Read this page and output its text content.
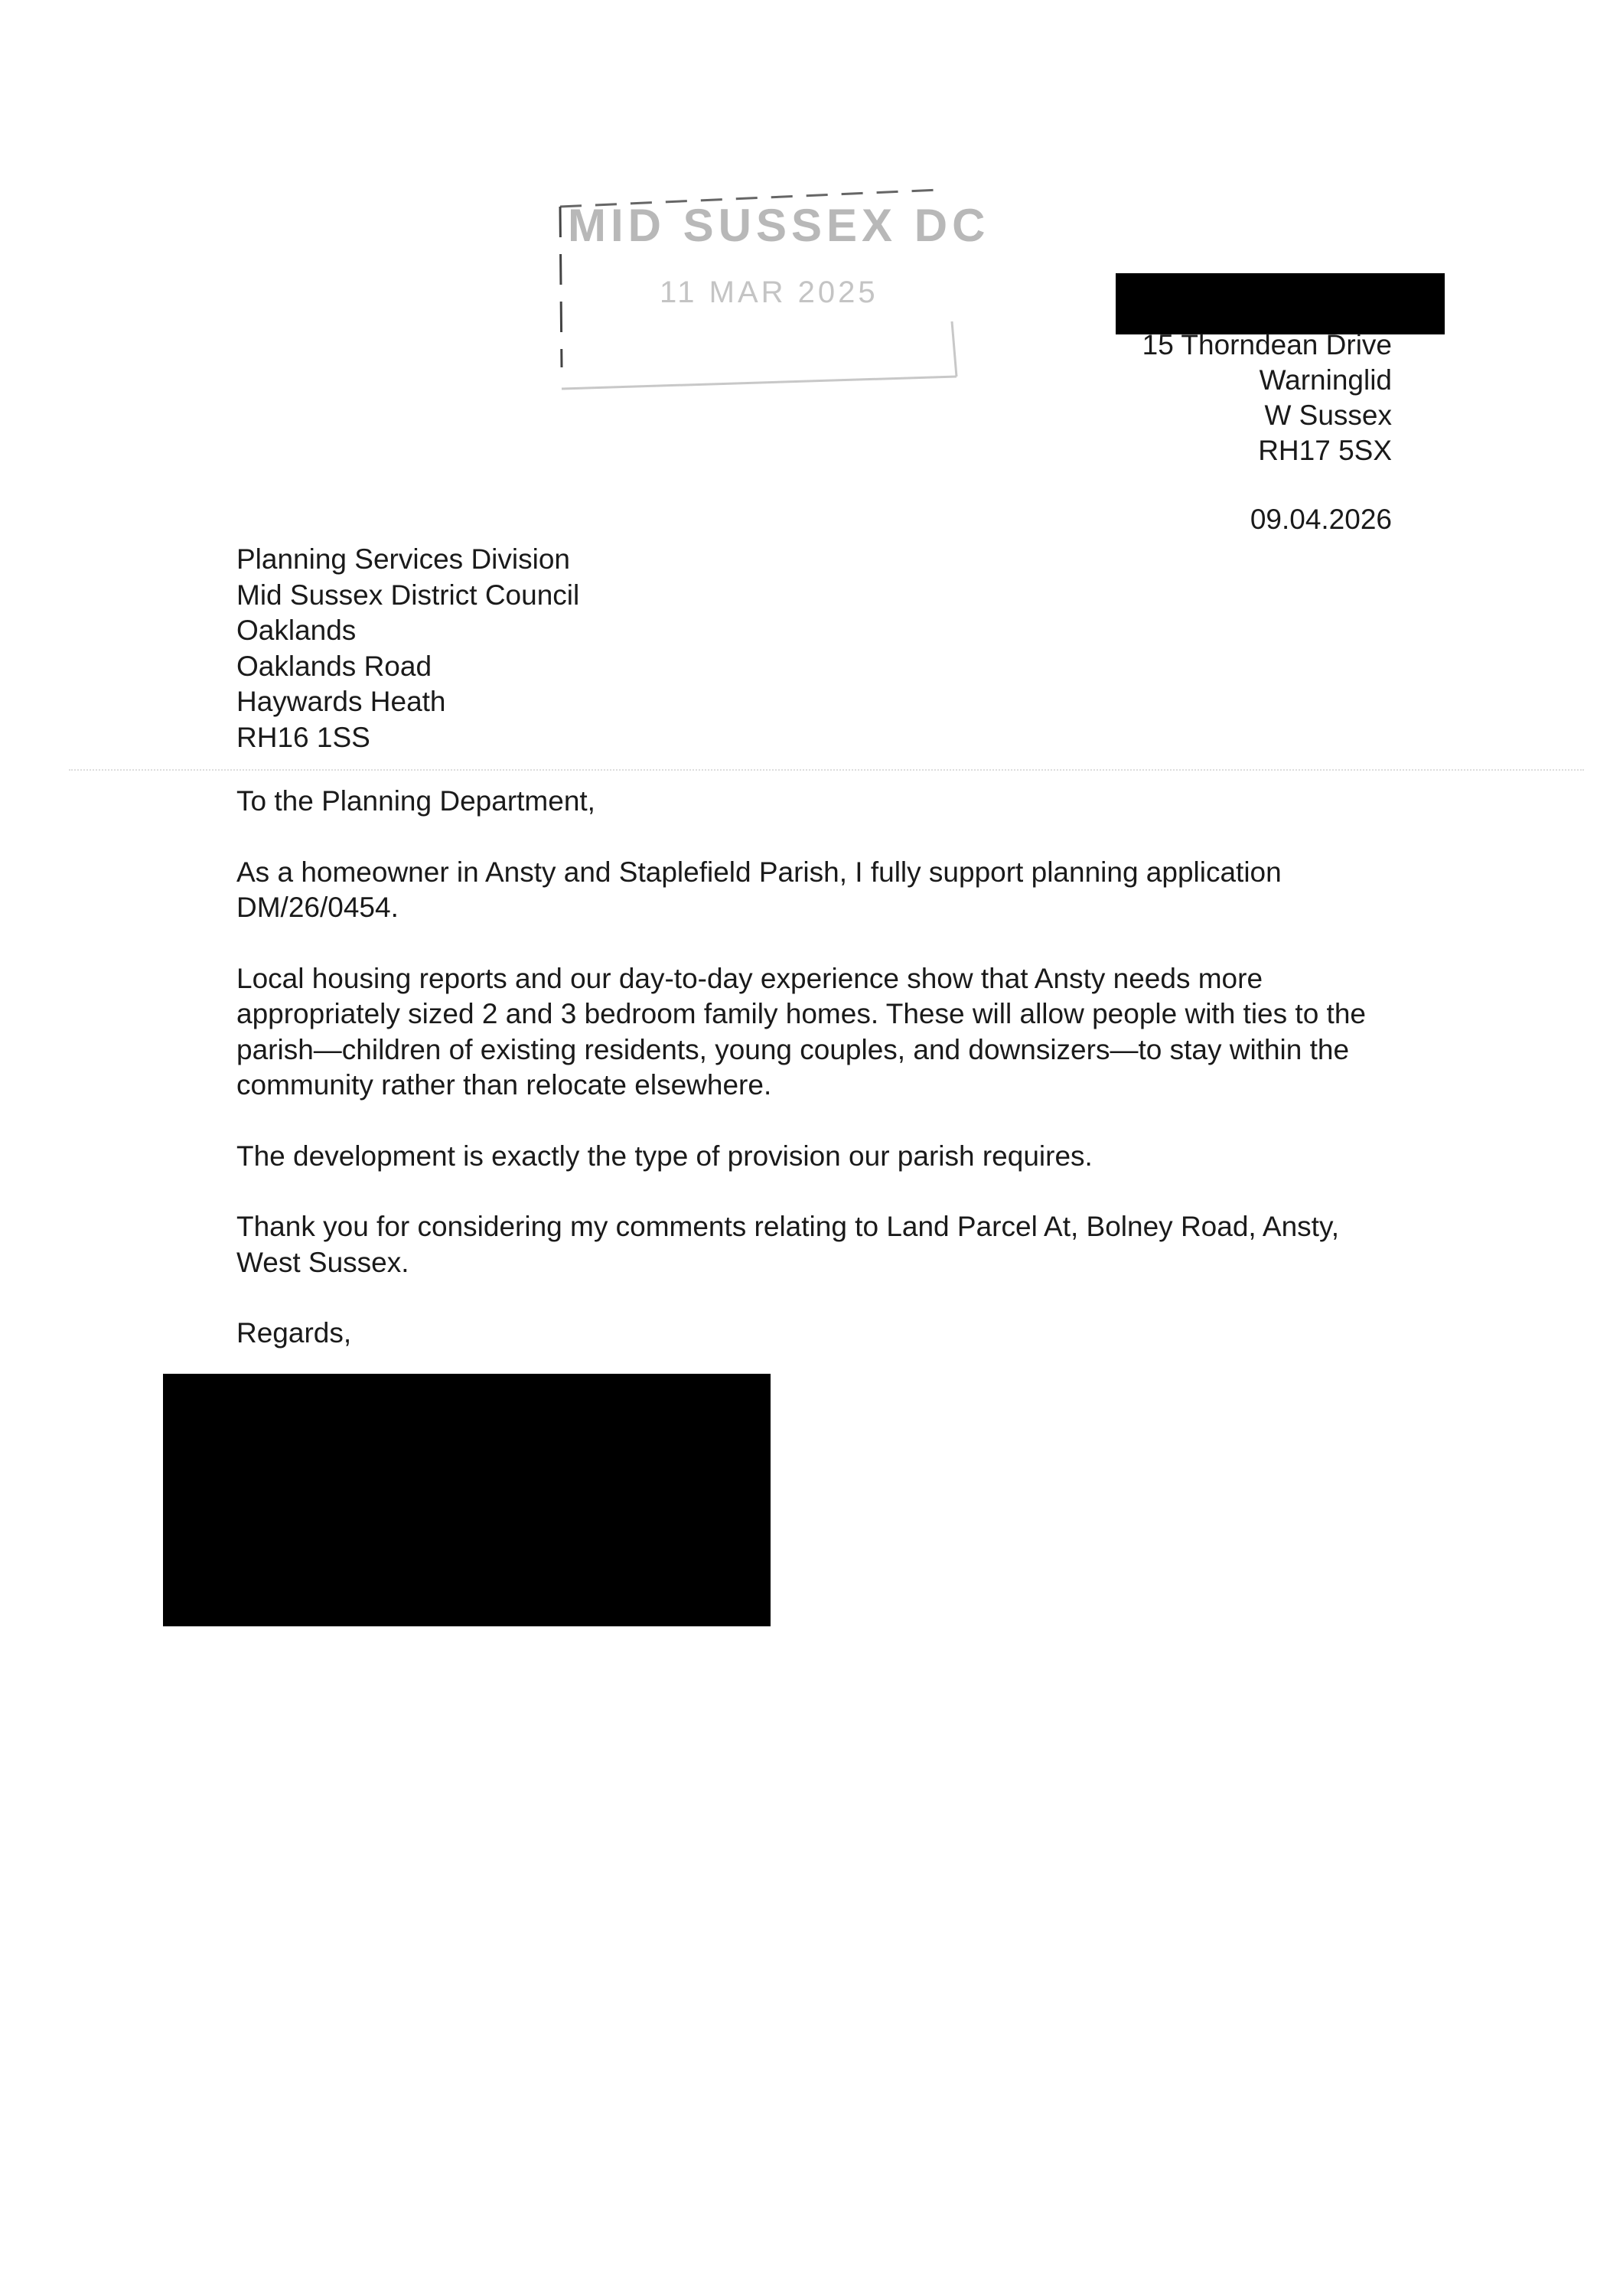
MID SUSSEX DC
11 MAR 2025
15 Thorndean Drive
Warninglid
W Sussex
RH17 5SX
09.04.2026
Planning Services Division
Mid Sussex District Council
Oaklands
Oaklands Road
Haywards Heath
RH16 1SS

To the Planning Department,

As a homeowner in Ansty and Staplefield Parish, I fully support planning application DM/26/0454.

Local housing reports and our day-to-day experience show that Ansty needs more appropriately sized 2 and 3 bedroom family homes. These will allow people with ties to the parish—children of existing residents, young couples, and downsizers—to stay within the community rather than relocate elsewhere.

The development is exactly the type of provision our parish requires.

Thank you for considering my comments relating to Land Parcel At, Bolney Road, Ansty, West Sussex.

Regards,
